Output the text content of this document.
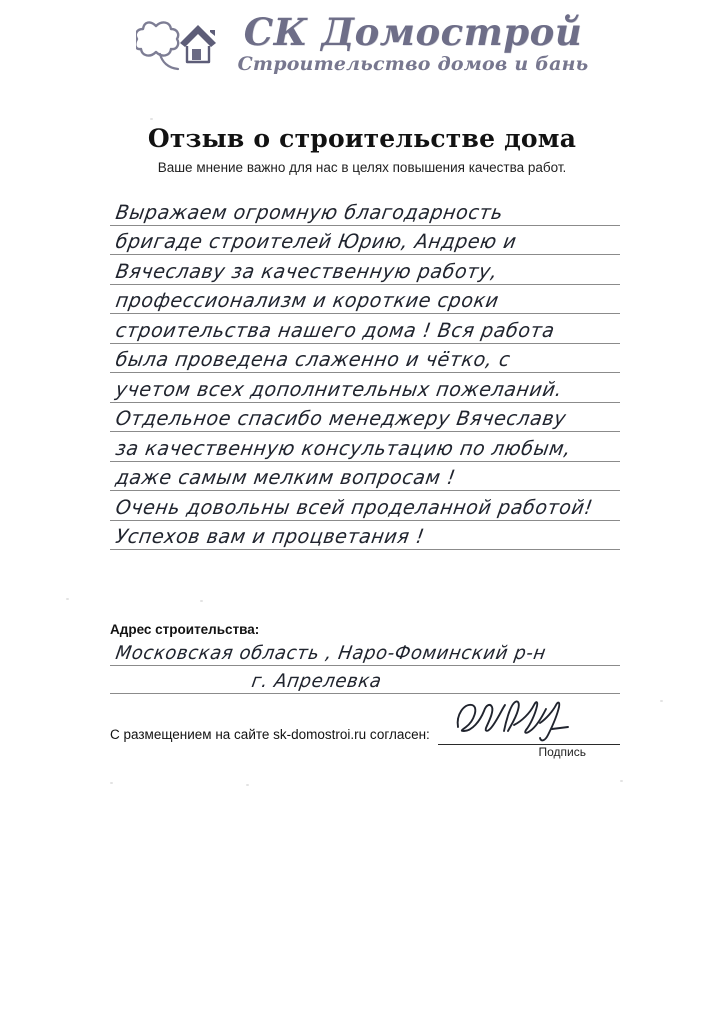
СК Домострой
Строительство домов и бань
Отзыв о строительстве дома
Ваше мнение важно для нас в целях повышения качества работ.
Выражаем огромную благодарность
бригаде строителей Юрию, Андрею и
Вячеславу за качественную работу,
профессионализм и короткие сроки
строительства нашего дома ! Вся работа
была проведена слаженно и чётко, с
учетом всех дополнительных пожеланий.
Отдельное спасибо менеджеру Вячеславу
за качественную консультацию по любым,
даже самым мелким вопросам !
Очень довольны всей проделанной работой!
Успехов вам и процветания !
Адрес строительства:
Московская область , Наро-Фоминский р-н
г. Апрелевка
С размещением на сайте sk-domostroi.ru согласен:
Подпись
